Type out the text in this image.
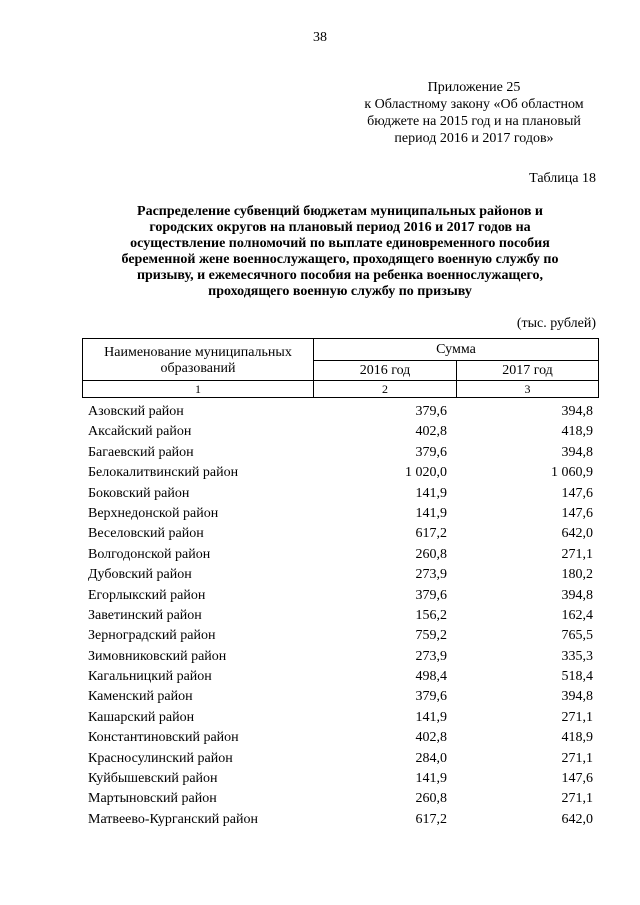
38
Приложение 25
к Областному закону «Об областном
бюджете на 2015 год и на плановый
период 2016 и 2017 годов»
Таблица 18
Распределение субвенций бюджетам муниципальных районов и
городских округов на плановый период 2016 и 2017 годов на
осуществление полномочий по выплате единовременного пособия
беременной жене военнослужащего, проходящего военную службу по
призыву, и ежемесячного пособия на ребенка военнослужащего,
проходящего военную службу по призыву
(тыс. рублей)
Наименование муниципальных
образований
Сумма
2016 год	2017 год
1	2	3
Азовский район	379,6	394,8
Аксайский район	402,8	418,9
Багаевский район	379,6	394,8
Белокалитвинский район	1 020,0	1 060,9
Боковский район	141,9	147,6
Верхнедонской район	141,9	147,6
Веселовский район	617,2	642,0
Волгодонской район	260,8	271,1
Дубовский район	273,9	180,2
Егорлыкский район	379,6	394,8
Заветинский район	156,2	162,4
Зерноградский район	759,2	765,5
Зимовниковский район	273,9	335,3
Кагальницкий район	498,4	518,4
Каменский район	379,6	394,8
Кашарский район	141,9	271,1
Константиновский район	402,8	418,9
Красносулинский район	284,0	271,1
Куйбышевский район	141,9	147,6
Мартыновский район	260,8	271,1
Матвеево-Курганский район	617,2	642,0
